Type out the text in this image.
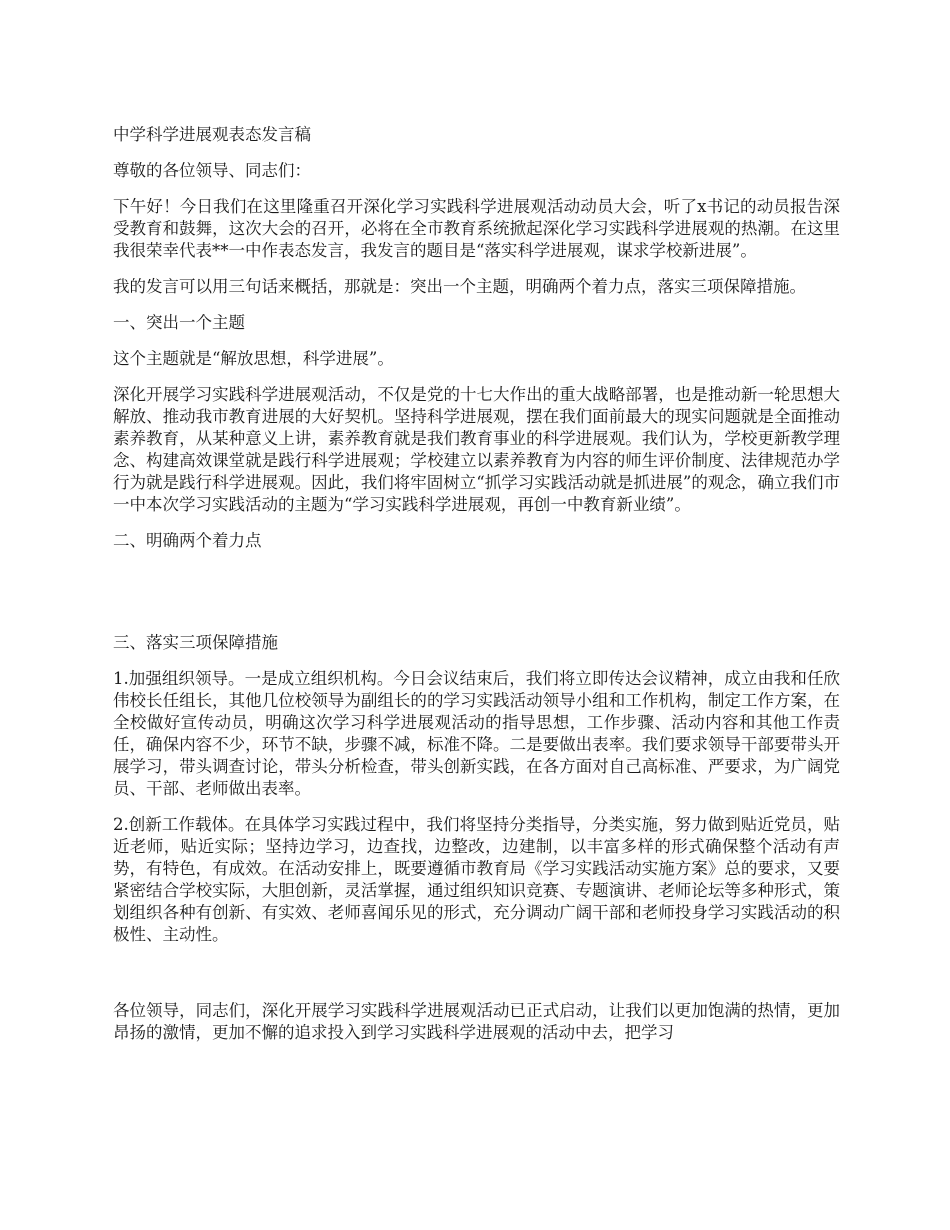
中学科学进展观表态发言稿

尊敬的各位领导、同志们：

下午好！今日我们在这里隆重召开深化学习实践科学进展观活动动员大会，听了x书记的动员报告深受教育和鼓舞，这次大会的召开，必将在全市教育系统掀起深化学习实践科学进展观的热潮。在这里我很荣幸代表**一中作表态发言，我发言的题目是“落实科学进展观，谋求学校新进展”。

我的发言可以用三句话来概括，那就是：突出一个主题，明确两个着力点，落实三项保障措施。

一、突出一个主题

这个主题就是“解放思想，科学进展”。

深化开展学习实践科学进展观活动，不仅是党的十七大作出的重大战略部署，也是推动新一轮思想大解放、推动我市教育进展的大好契机。坚持科学进展观，摆在我们面前最大的现实问题就是全面推动素养教育，从某种意义上讲，素养教育就是我们教育事业的科学进展观。我们认为，学校更新教学理念、构建高效课堂就是践行科学进展观；学校建立以素养教育为内容的师生评价制度、法律规范办学行为就是践行科学进展观。因此，我们将牢固树立“抓学习实践活动就是抓进展”的观念，确立我们市一中本次学习实践活动的主题为“学习实践科学进展观，再创一中教育新业绩”。

二、明确两个着力点

三、落实三项保障措施

1.加强组织领导。一是成立组织机构。今日会议结束后，我们将立即传达会议精神，成立由我和任欣伟校长任组长，其他几位校领导为副组长的的学习实践活动领导小组和工作机构，制定工作方案，在全校做好宣传动员，明确这次学习科学进展观活动的指导思想，工作步骤、活动内容和其他工作责任，确保内容不少，环节不缺，步骤不减，标准不降。二是要做出表率。我们要求领导干部要带头开展学习，带头调查讨论，带头分析检查，带头创新实践，在各方面对自己高标准、严要求，为广阔党员、干部、老师做出表率。

2.创新工作载体。在具体学习实践过程中，我们将坚持分类指导，分类实施，努力做到贴近党员，贴近老师，贴近实际；坚持边学习，边查找，边整改，边建制，以丰富多样的形式确保整个活动有声势，有特色，有成效。在活动安排上，既要遵循市教育局《学习实践活动实施方案》总的要求，又要紧密结合学校实际，大胆创新，灵活掌握，通过组织知识竞赛、专题演讲、老师论坛等多种形式，策划组织各种有创新、有实效、老师喜闻乐见的形式，充分调动广阔干部和老师投身学习实践活动的积极性、主动性。

各位领导，同志们，深化开展学习实践科学进展观活动已正式启动，让我们以更加饱满的热情，更加昂扬的激情，更加不懈的追求投入到学习实践科学进展观的活动中去，把学习
